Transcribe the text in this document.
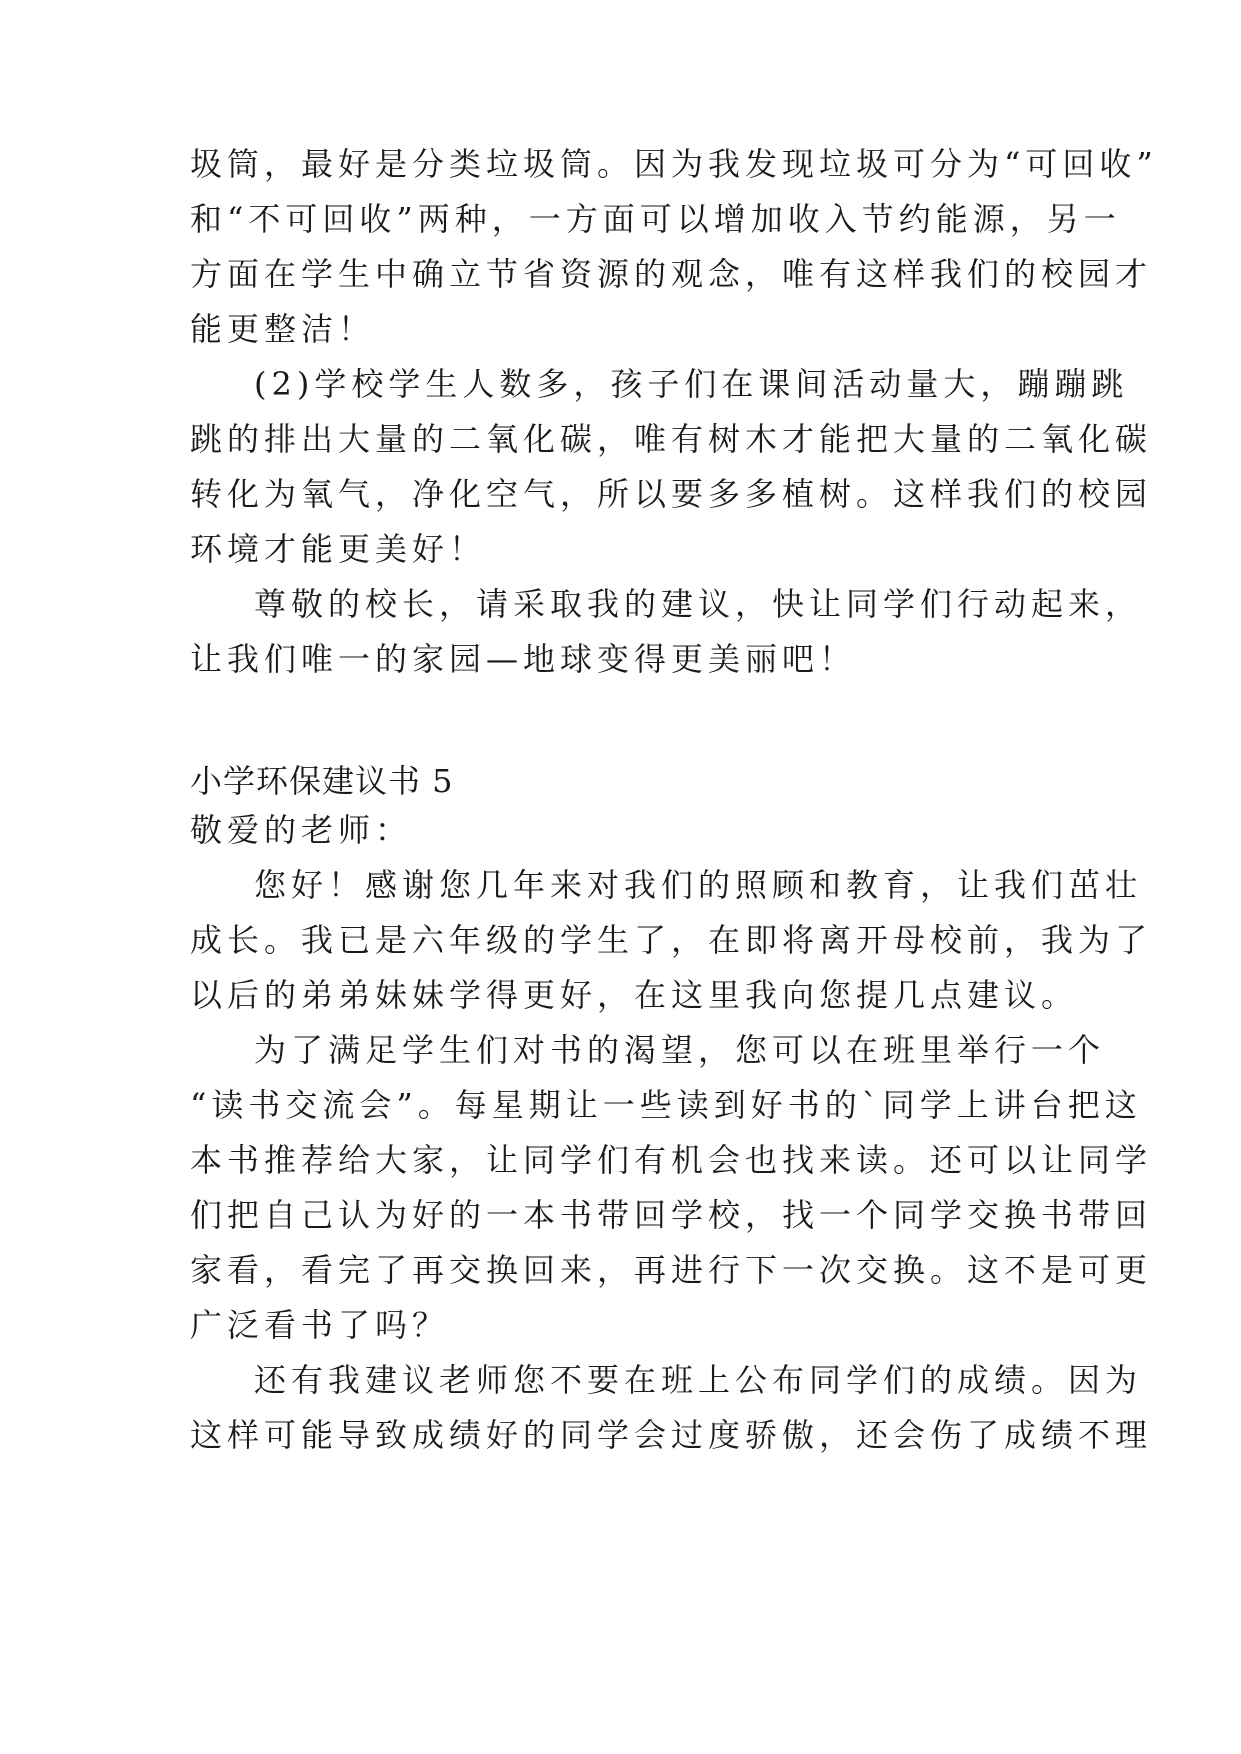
圾筒，最好是分类垃圾筒。因为我发现垃圾可分为“可回收”
和“不可回收”两种，一方面可以增加收入节约能源，另一
方面在学生中确立节省资源的观念，唯有这样我们的校园才
能更整洁！
(2)学校学生人数多，孩子们在课间活动量大，蹦蹦跳
跳的排出大量的二氧化碳，唯有树木才能把大量的二氧化碳
转化为氧气，净化空气，所以要多多植树。这样我们的校园
环境才能更美好！
尊敬的校长，请采取我的建议，快让同学们行动起来，
让我们唯一的家园—地球变得更美丽吧！
小学环保建议书 5
敬爱的老师：
您好！感谢您几年来对我们的照顾和教育，让我们茁壮
成长。我已是六年级的学生了，在即将离开母校前，我为了
以后的弟弟妹妹学得更好，在这里我向您提几点建议。
为了满足学生们对书的渴望，您可以在班里举行一个
“读书交流会”。每星期让一些读到好书的`同学上讲台把这
本书推荐给大家，让同学们有机会也找来读。还可以让同学
们把自己认为好的一本书带回学校，找一个同学交换书带回
家看，看完了再交换回来，再进行下一次交换。这不是可更
广泛看书了吗？
还有我建议老师您不要在班上公布同学们的成绩。因为
这样可能导致成绩好的同学会过度骄傲，还会伤了成绩不理
